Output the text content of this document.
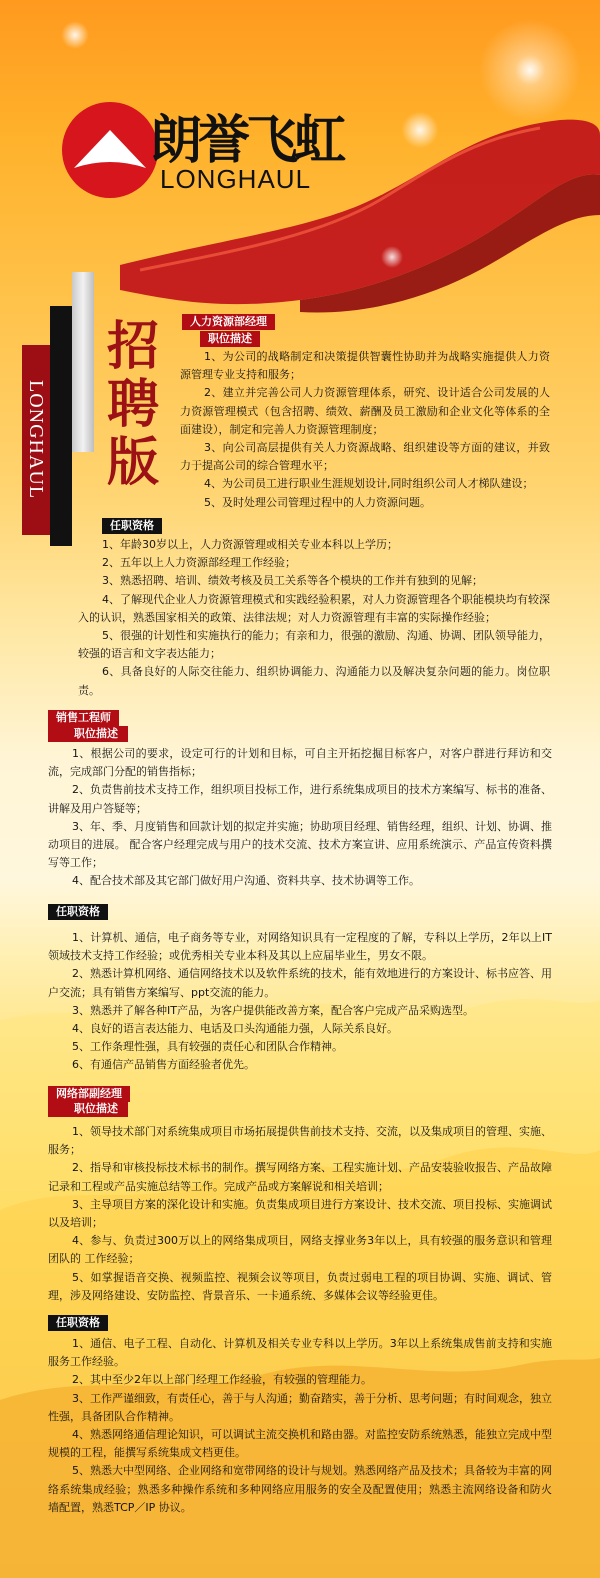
朗誉飞虹
LONGHAUL
LONGHAUL
招
聘
版
人力资源部经理
职位描述

1、为公司的战略制定和决策提供智囊性协助并为战略实施提供人力资源管理专业支持和服务；

2、建立并完善公司人力资源管理体系，研究、设计适合公司发展的人力资源管理模式（包含招聘、绩效、薪酬及员工激励和企业文化等体系的全面建设），制定和完善人力资源管理制度；

3、向公司高层提供有关人力资源战略、组织建设等方面的建议，并致力于提高公司的综合管理水平；

4、为公司员工进行职业生涯规划设计,同时组织公司人才梯队建设；

5、及时处理公司管理过程中的人力资源问题。

任职资格

1、年龄30岁以上，人力资源管理或相关专业本科以上学历；

2、五年以上人力资源部经理工作经验；

3、熟悉招聘、培训、绩效考核及员工关系等各个模块的工作并有独到的见解；

4、了解现代企业人力资源管理模式和实践经验积累，对人力资源管理各个职能模块均有较深入的认识，熟悉国家相关的政策、法律法规；对人力资源管理有丰富的实际操作经验；

5、很强的计划性和实施执行的能力；有亲和力，很强的激励、沟通、协调、团队领导能力，较强的语言和文字表达能力；

6、具备良好的人际交往能力、组织协调能力、沟通能力以及解决复杂问题的能力。岗位职责。

销售工程师
职位描述

1、根据公司的要求，设定可行的计划和目标，可自主开拓挖掘目标客户，对客户群进行拜访和交流，完成部门分配的销售指标；

2、负责售前技术支持工作，组织项目投标工作，进行系统集成项目的技术方案编写、标书的准备、讲解及用户答疑等；

3、年、季、月度销售和回款计划的拟定并实施；协助项目经理、销售经理，组织、计划、协调、推动项目的进展。 配合客户经理完成与用户的技术交流、技术方案宣讲、应用系统演示、产品宣传资料撰写等工作；

4、配合技术部及其它部门做好用户沟通、资料共享、技术协调等工作。

任职资格

1、计算机、通信，电子商务等专业，对网络知识具有一定程度的了解，专科以上学历，2年以上IT领域技术支持工作经验；或优秀相关专业本科及其以上应届毕业生，男女不限。

2、熟悉计算机网络、通信网络技术以及软件系统的技术，能有效地进行的方案设计、标书应答、用户交流；具有销售方案编写、ppt交流的能力。

3、熟悉并了解各种IT产品，为客户提供能改善方案，配合客户完成产品采购选型。

4、良好的语言表达能力、电话及口头沟通能力强，人际关系良好。

5、工作条理性强，具有较强的责任心和团队合作精神。

6、有通信产品销售方面经验者优先。

网络部副经理
职位描述

1、领导技术部门对系统集成项目市场拓展提供售前技术支持、交流，以及集成项目的管理、实施、服务；

2、指导和审核投标技术标书的制作。撰写网络方案、工程实施计划、产品安装验收报告、产品故障记录和工程或产品实施总结等工作。完成产品或方案解说和相关培训；

3、主导项目方案的深化设计和实施。负责集成项目进行方案设计、技术交流、项目投标、实施调试以及培训；

4、参与、负责过300万以上的网络集成项目，网络支撑业务3年以上，具有较强的服务意识和管理团队的 工作经验；

5、如掌握语音交换、视频监控、视频会议等项目，负责过弱电工程的项目协调、实施、调试、管理，涉及网络建设、安防监控、背景音乐、一卡通系统、多媒体会议等经验更佳。

任职资格

1、通信、电子工程、自动化、计算机及相关专业专科以上学历。3年以上系统集成售前支持和实施服务工作经验。

2、其中至少2年以上部门经理工作经验，有较强的管理能力。

3、工作严谨细致，有责任心，善于与人沟通；勤奋踏实，善于分析、思考问题；有时间观念，独立性强，具备团队合作精神。

4、熟悉网络通信理论知识，可以调试主流交换机和路由器。对监控安防系统熟悉，能独立完成中型规模的工程，能撰写系统集成文档更佳。

5、熟悉大中型网络、企业网络和宽带网络的设计与规划。熟悉网络产品及技术；具备较为丰富的网络系统集成经验；熟悉多种操作系统和多种网络应用服务的安全及配置使用；熟悉主流网络设备和防火墙配置，熟悉TCP／IP 协议。
